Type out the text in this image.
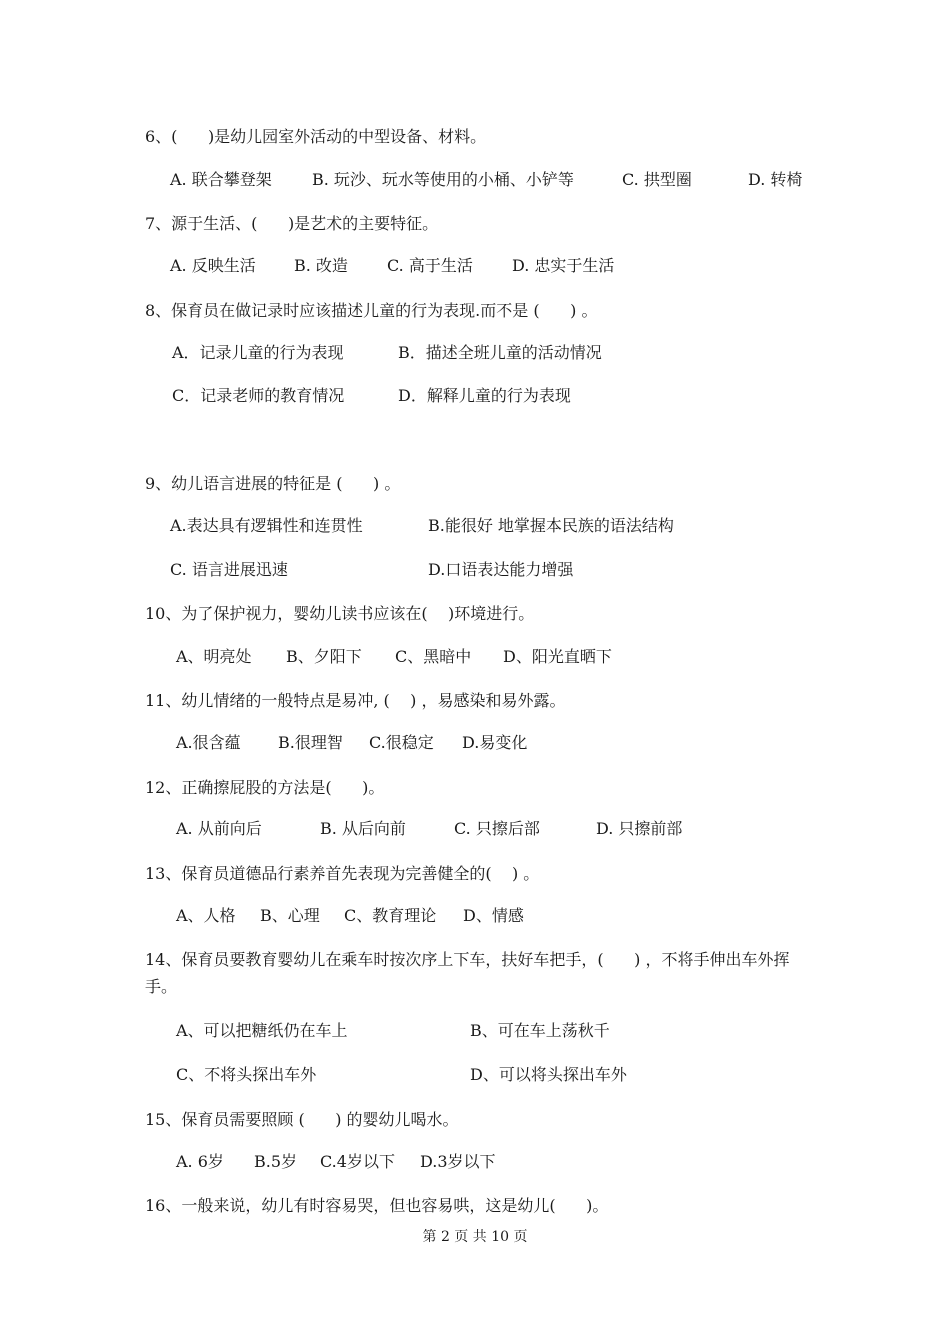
6、(      )是幼儿园室外活动的中型设备、材料。
A. 联合攀登架	B. 玩沙、玩水等使用的小桶、小铲等	C. 拱型圈	D. 转椅
7、源于生活、(      )是艺术的主要特征。
A. 反映生活 B. 改造 C. 高于生活 D. 忠实于生活
8、保育员在做记录时应该描述儿童的行为表现.而不是 (      ) 。
A．记录儿童的行为表现	B．描述全班儿童的活动情况
C．记录老师的教育情况	D．解释儿童的行为表现
9、幼儿语言进展的特征是 (      ) 。
A.表达具有逻辑性和连贯性	B.能很好 地掌握本民族的语法结构
C. 语言进展迅速	D.口语表达能力增强
10、为了保护视力，婴幼儿读书应该在(    )环境进行。
A、明亮处 B、夕阳下 C、黑暗中 D、阳光直晒下
11、幼儿情绪的一般特点是易冲, (    ) ，易感染和易外露。
A.很含蕴 B.很理智 C.很稳定 D.易变化
12、正确擦屁股的方法是(      )。
A. 从前向后	B. 从后向前	C. 只擦后部	D. 只擦前部
13、保育员道德品行素养首先表现为完善健全的(    ) 。
A、人格 B、心理 C、教育理论 D、情感
14、保育员要教育婴幼儿在乘车时按次序上下车，扶好车把手，(      ) ，不将手伸出车外挥手。
A、可以把糖纸仍在车上	B、可在车上荡秋千
C、不将头探出车外	D、可以将头探出车外
15、保育员需要照顾 (      ) 的婴幼儿喝水。
A. 6岁 B.5岁 C.4岁以下 D.3岁以下
16、一般来说，幼儿有时容易哭，但也容易哄，这是幼儿(      )。
第 2 页 共 10 页
